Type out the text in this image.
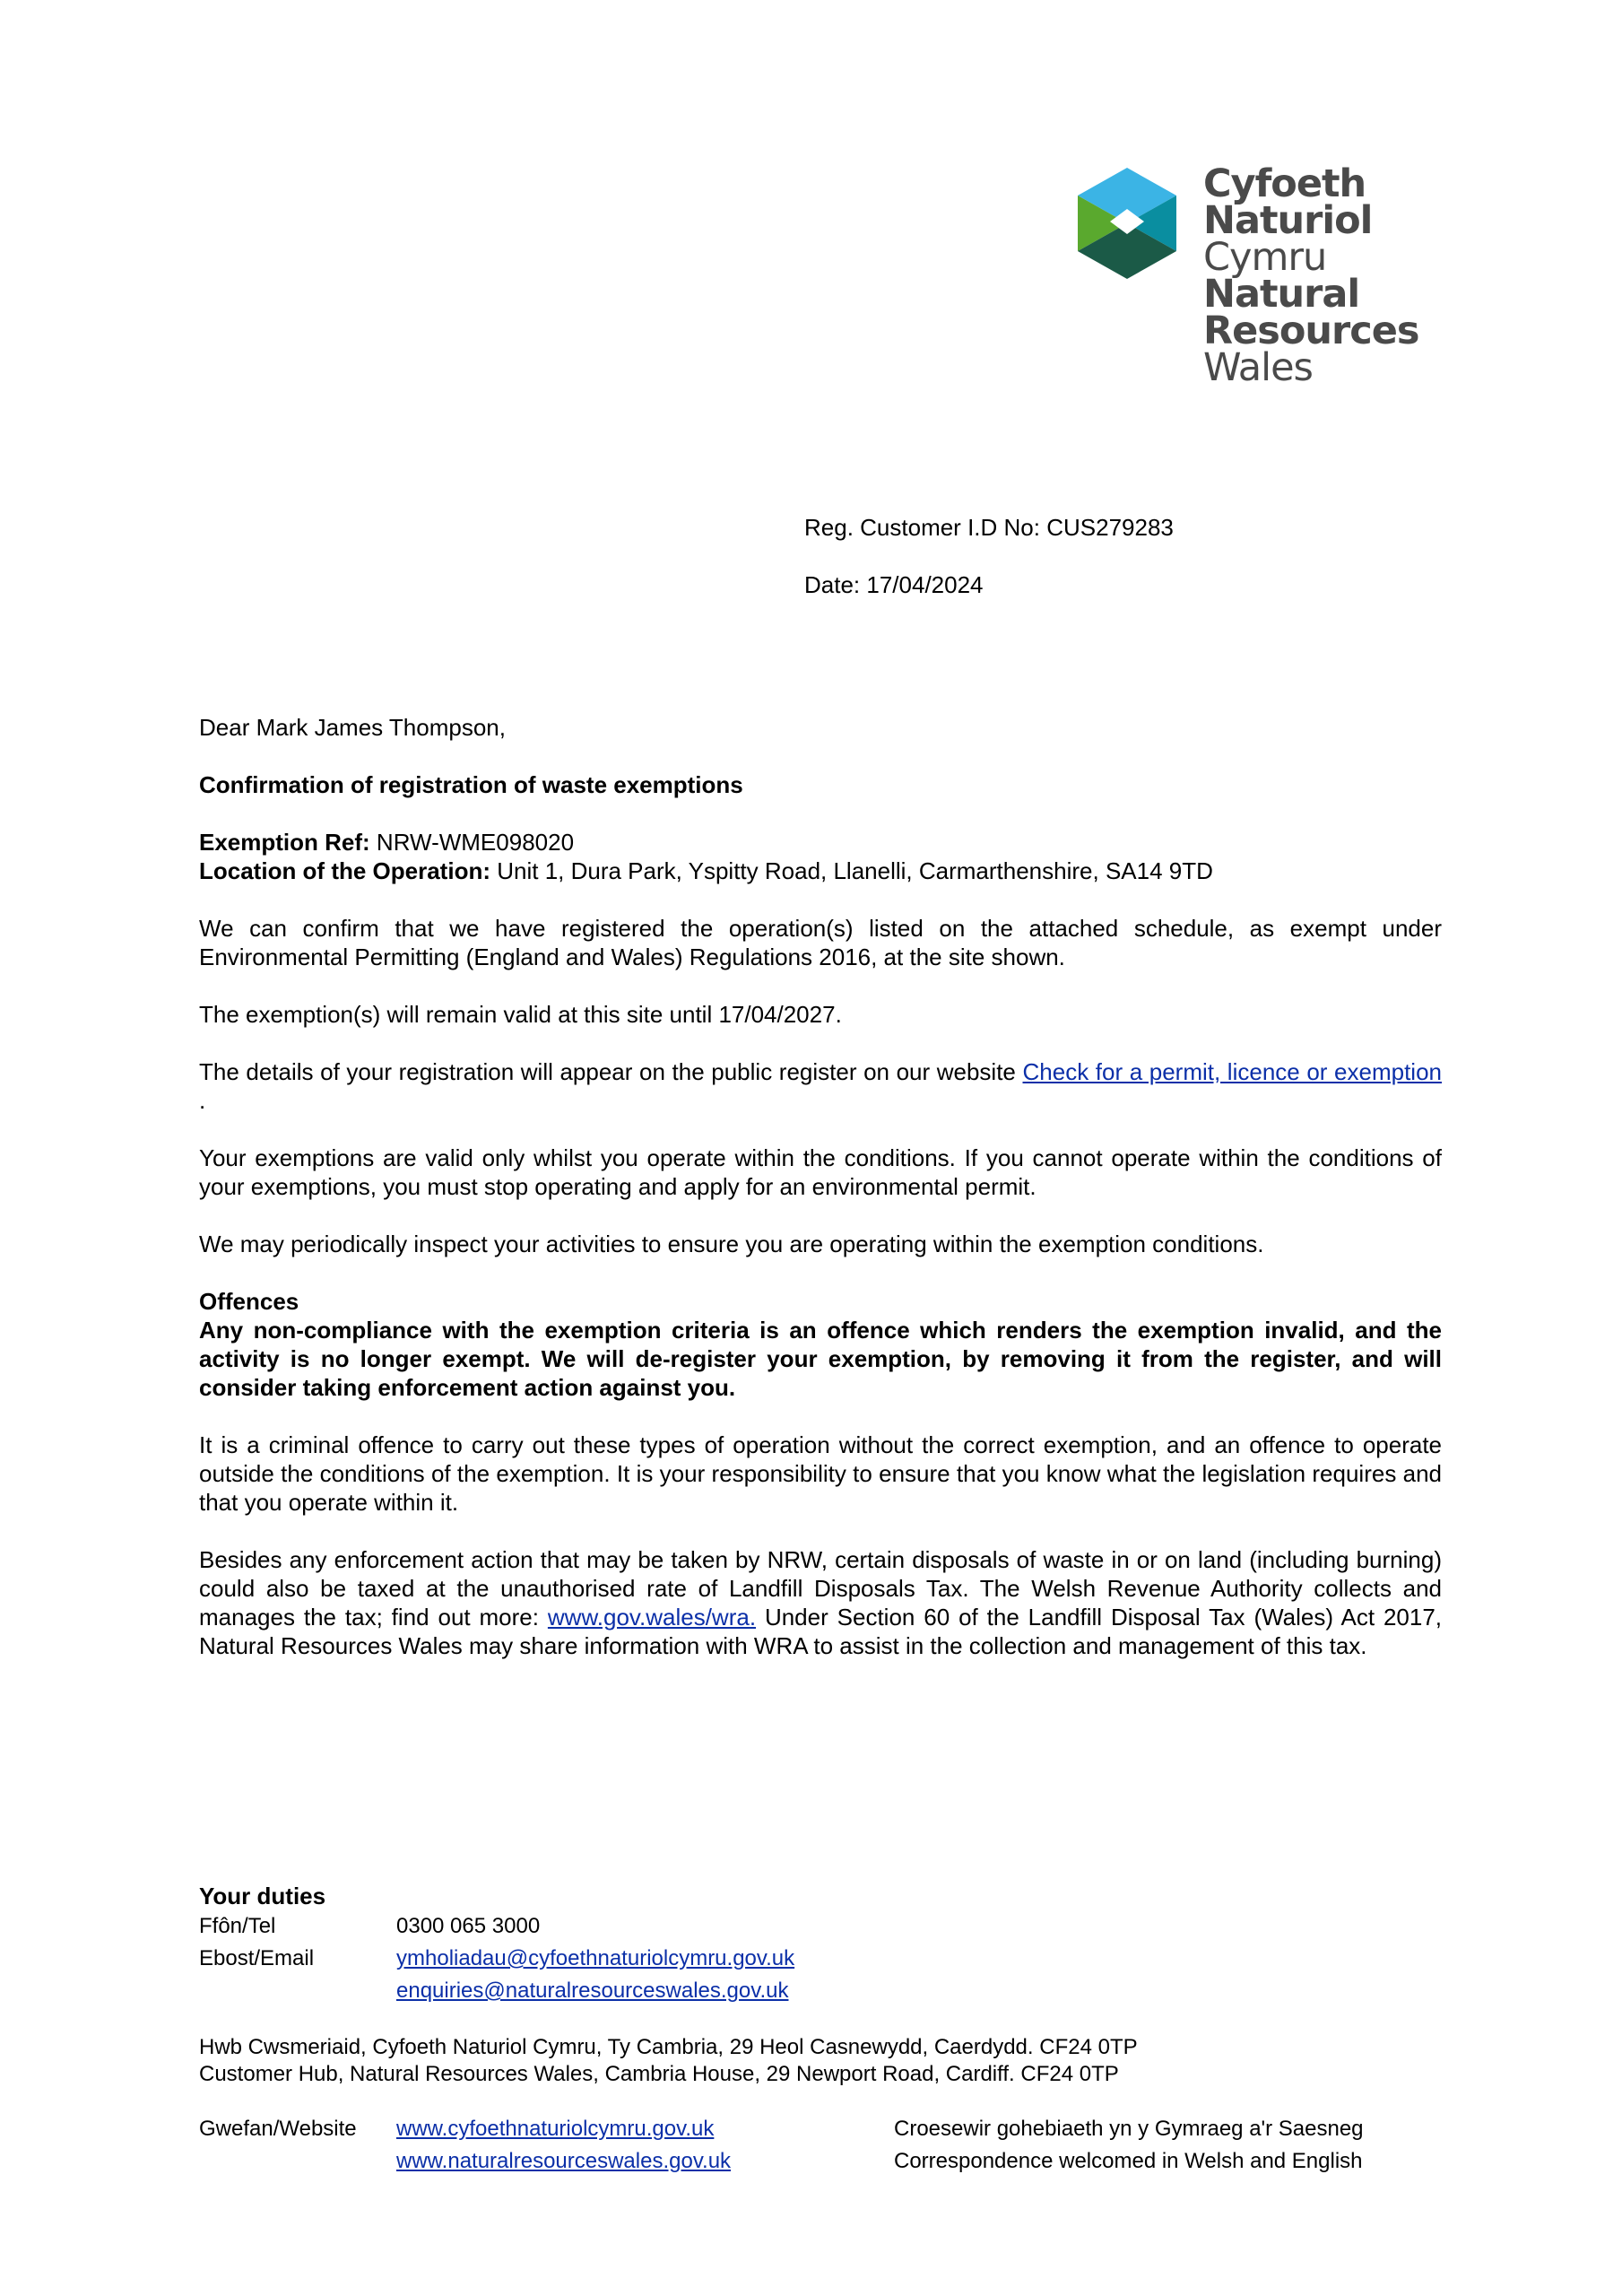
Cyfoeth
Naturiol
Cymru
Natural
Resources
Wales
Reg. Customer I.D No: CUS279283
Date: 17/04/2024

Dear Mark James Thompson,

Confirmation of registration of waste exemptions

Exemption Ref: NRW-WME098020

Location of the Operation: Unit 1, Dura Park, Yspitty Road, Llanelli, Carmarthenshire, SA14 9TD

We can confirm that we have registered the operation(s) listed on the attached schedule, as exempt under Environmental Permitting (England and Wales) Regulations 2016, at the site shown.

The exemption(s) will remain valid at this site until 17/04/2027.

The details of your registration will appear on the public register on our website Check for a permit, licence or exemption .

Your exemptions are valid only whilst you operate within the conditions. If you cannot operate within the conditions of your exemptions, you must stop operating and apply for an environmental permit.

We may periodically inspect your activities to ensure you are operating within the exemption conditions.

Offences

Any non-compliance with the exemption criteria is an offence which renders the exemption invalid, and the activity is no longer exempt. We will de-register your exemption, by removing it from the register, and will consider taking enforcement action against you.

It is a criminal offence to carry out these types of operation without the correct exemption, and an offence to operate outside the conditions of the exemption. It is your responsibility to ensure that you know what the legislation requires and that you operate within it.

Besides any enforcement action that may be taken by NRW, certain disposals of waste in or on land (including burning) could also be taxed at the unauthorised rate of Landfill Disposals Tax. The Welsh Revenue Authority collects and manages the tax; find out more: www.gov.wales/wra. Under Section 60 of the Landfill Disposal Tax (Wales) Act 2017, Natural Resources Wales may share information with WRA to assist in the collection and management of this tax.

Your duties
Ffôn/Tel	0300 065 3000
Ebost/Email	ymholiadau@cyfoethnaturiolcymru.gov.uk
enquiries@naturalresourceswales.gov.uk
Hwb Cwsmeriaid, Cyfoeth Naturiol Cymru, Ty Cambria, 29 Heol Casnewydd, Caerdydd. CF24 0TP
Customer Hub, Natural Resources Wales, Cambria House, 29 Newport Road, Cardiff. CF24 0TP
Gwefan/Website	www.cyfoethnaturiolcymru.gov.uk
www.naturalresourceswales.gov.uk
Croesewir gohebiaeth yn y Gymraeg a'r Saesneg
Correspondence welcomed in Welsh and English
